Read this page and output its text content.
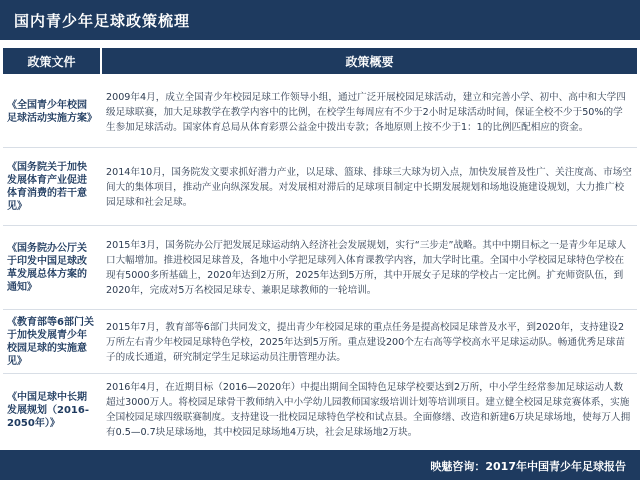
国内青少年足球政策梳理
政策文件	政策概要
《全国青少年校园足球活动实施方案》
2009年4月，成立全国青少年校园足球工作领导小组，通过广泛开展校园足球活动，建立和完善小学、初中、高中和大学四级足球联赛，加大足球教学在教学内容中的比例，在校学生每周应有不少于2小时足球活动时间，保证全校不少于50%的学生参加足球活动。国家体育总局从体育彩票公益金中拨出专款；各地原则上按不少于1：1的比例匹配相应的资金。
《国务院关于加快发展体育产业促进体育消费的若干意见》
2014年10月，国务院发文要求抓好潜力产业，以足球、篮球、排球三大球为切入点，加快发展普及性广、关注度高、市场空间大的集体项目，推动产业向纵深发展。对发展相对滞后的足球项目制定中长期发展规划和场地设施建设规划，大力推广校园足球和社会足球。
《国务院办公厅关于印发中国足球改革发展总体方案的通知》
2015年3月，国务院办公厅把发展足球运动纳入经济社会发展规划，实行“三步走”战略。其中中期目标之一是青少年足球人口大幅增加。推进校园足球普及，各地中小学把足球列入体育课教学内容，加大学时比重。全国中小学校园足球特色学校在现有5000多所基础上，2020年达到2万所，2025年达到5万所，其中开展女子足球的学校占一定比例。扩充师资队伍，到2020年，完成对5万名校园足球专、兼职足球教师的一轮培训。
《教育部等6部门关于加快发展青少年校园足球的实施意见》
2015年7月，教育部等6部门共同发文，提出青少年校园足球的重点任务是提高校园足球普及水平，到2020年，支持建设2万所左右青少年校园足球特色学校，2025年达到5万所。重点建设200个左右高等学校高水平足球运动队。畅通优秀足球苗子的成长通道，研究制定学生足球运动员注册管理办法。
《中国足球中长期发展规划（2016-2050年）》
2016年4月，在近期目标（2016—2020年）中提出期间全国特色足球学校要达到2万所，中小学生经常参加足球运动人数超过3000万人。将校园足球骨干教师纳入中小学幼儿园教师国家级培训计划等培训项目。建立健全校园足球竞赛体系，实施全国校园足球四级联赛制度。支持建设一批校园足球特色学校和试点县。全面修缮、改造和新建6万块足球场地，使每万人拥有0.5—0.7块足球场地，其中校园足球场地4万块，社会足球场地2万块。
映魅咨询：2017年中国青少年足球报告
